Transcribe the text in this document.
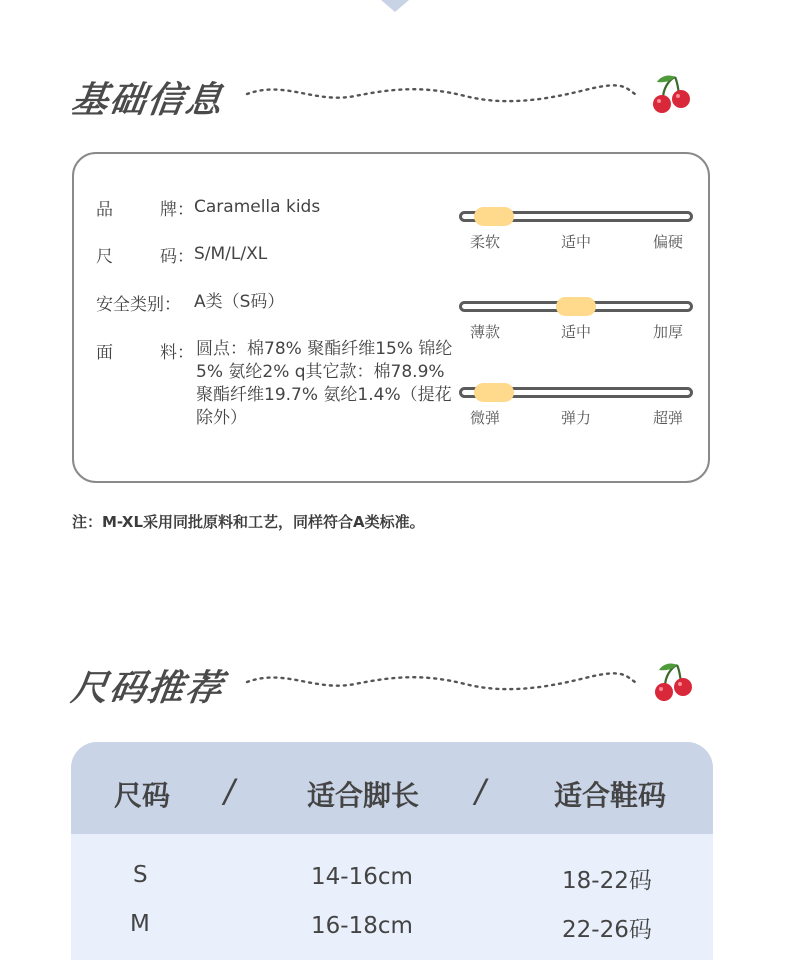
基础信息
品	牌： Caramella kids
尺	码： S/M/L/XL
安全类别： A类（S码）
面	料： 圆点：棉78% 聚酯纤维15% 锦纶5% 氨纶2% q其它款：棉78.9% 聚酯纤维19.7% 氨纶1.4%（提花除外）
柔软	适中	偏硬
薄款	适中	加厚
微弹	弹力	超弹
注：M-XL采用同批原料和工艺，同样符合A类标准。
尺码推荐
尺码 /	适合脚长 / 适合鞋码
S	14-16cm	18-22码
M	16-18cm	22-26码
